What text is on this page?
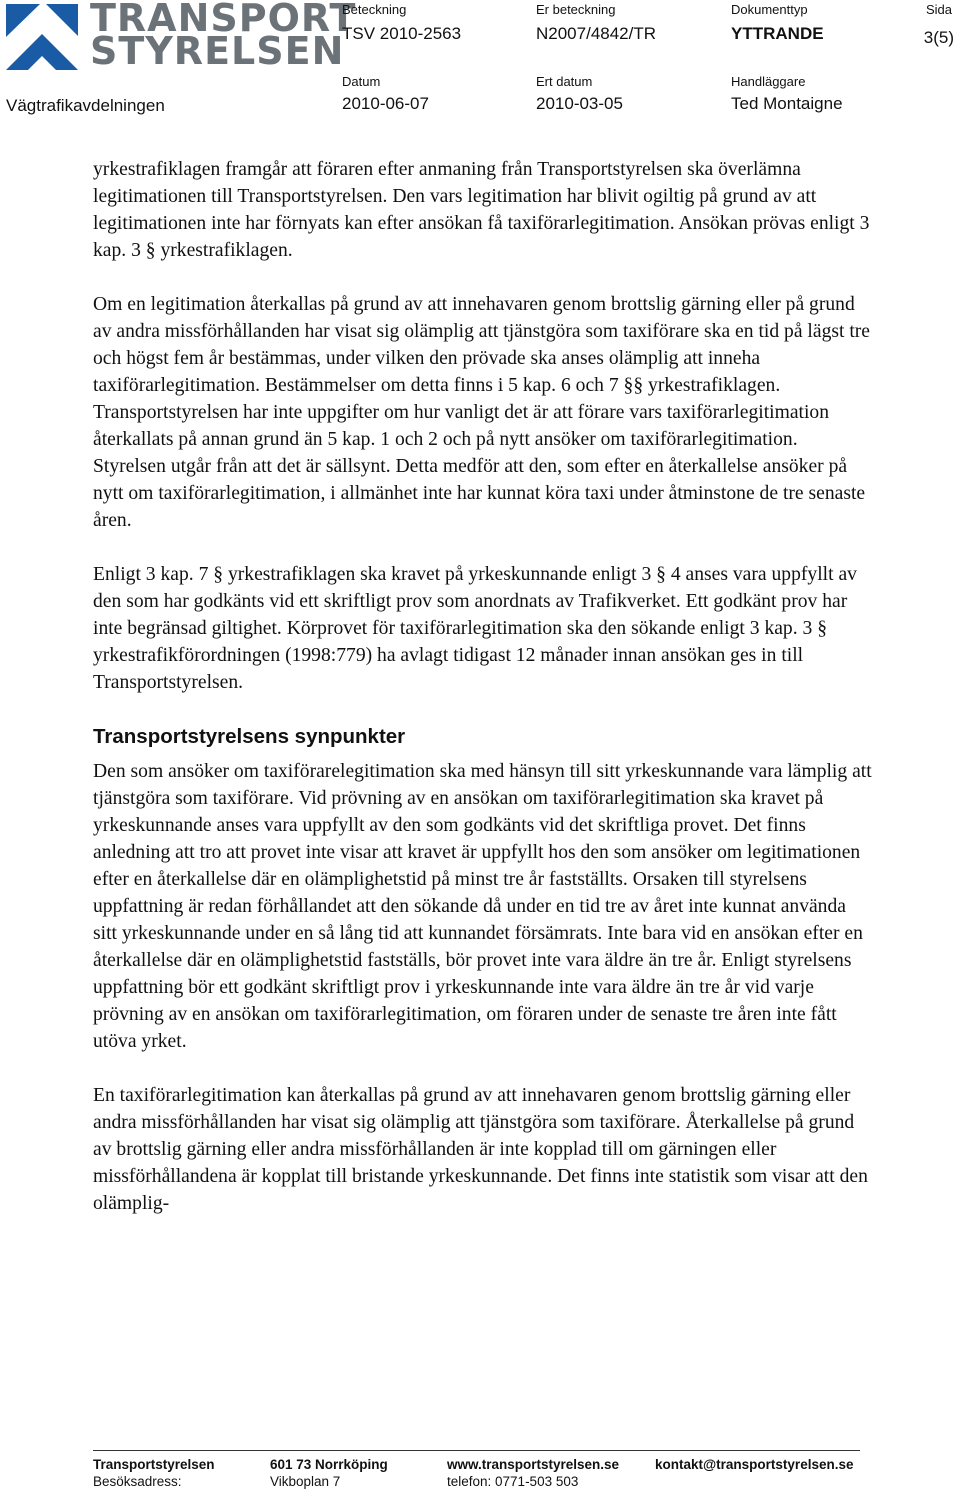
TRANSPORT
STYRELSEN
Beteckning
TSV 2010-2563
Er beteckning
N2007/4842/TR
Dokumenttyp
YTTRANDE
Sida
3(5)
Datum
2010-06-07
Ert datum
2010-03-05
Handläggare
Ted Montaigne
Vägtrafikavdelningen

yrkestrafiklagen framgår att föraren efter anmaning från Transportstyrelsen ska överlämna legitimationen till Transportstyrelsen. Den vars legitimation har blivit ogiltig på grund av att legitimationen inte har förnyats kan efter ansökan få taxiförarlegitimation. Ansökan prövas enligt 3 kap. 3 § yrkestrafiklagen.

Om en legitimation återkallas på grund av att innehavaren genom brottslig gärning eller på grund av andra missförhållanden har visat sig olämplig att tjänstgöra som taxiförare ska en tid på lägst tre och högst fem år bestämmas, under vilken den prövade ska anses olämplig att inneha taxiförarlegitimation. Bestämmelser om detta finns i 5 kap. 6 och 7 §§ yrkestrafiklagen. Transportstyrelsen har inte uppgifter om hur vanligt det är att förare vars taxiförarlegitimation återkallats på annan grund än 5 kap. 1 och 2 och på nytt ansöker om taxiförarlegitimation. Styrelsen utgår från att det är sällsynt. Detta medför att den, som efter en återkallelse ansöker på nytt om taxiförarlegitimation, i allmänhet inte har kunnat köra taxi under åtminstone de tre senaste åren.

Enligt 3 kap. 7 § yrkestrafiklagen ska kravet på yrkeskunnande enligt 3 § 4 anses vara uppfyllt av den som har godkänts vid ett skriftligt prov som anordnats av Trafikverket. Ett godkänt prov har inte begränsad giltighet. Körprovet för taxiförarlegitimation ska den sökande enligt 3 kap. 3 § yrkestrafikförordningen (1998:779) ha avlagt tidigast 12 månader innan ansökan ges in till Transportstyrelsen.

Transportstyrelsens synpunkter

Den som ansöker om taxiförarelegitimation ska med hänsyn till sitt yrkeskunnande vara lämplig att tjänstgöra som taxiförare. Vid prövning av en ansökan om taxiförarlegitimation ska kravet på yrkeskunnande anses vara uppfyllt av den som godkänts vid det skriftliga provet. Det finns anledning att tro att provet inte visar att kravet är uppfyllt hos den som ansöker om legitimationen efter en återkallelse där en olämplighetstid på minst tre år fastställts. Orsaken till styrelsens uppfattning är redan förhållandet att den sökande då under en tid tre av året inte kunnat använda sitt yrkeskunnande under en så lång tid att kunnandet försämrats. Inte bara vid en ansökan efter en återkallelse där en olämplighetstid fastställs, bör provet inte vara äldre än tre år. Enligt styrelsens uppfattning bör ett godkänt skriftligt prov i yrkeskunnande inte vara äldre än tre år vid varje prövning av en ansökan om taxiförarlegitimation, om föraren under de senaste tre åren inte fått utöva yrket.

En taxiförarlegitimation kan återkallas på grund av att innehavaren genom brottslig gärning eller andra missförhållanden har visat sig olämplig att tjänstgöra som taxiförare. Återkallelse på grund av brottslig gärning eller andra missförhållanden är inte kopplad till om gärningen eller missförhållandena är kopplat till bristande yrkeskunnande. Det finns inte statistik som visar att den olämplig-

Transportstyrelsen
Besöksadress:
601 73 Norrköping
Vikboplan 7
www.transportstyrelsen.se
telefon: 0771-503 503
kontakt@transportstyrelsen.se
